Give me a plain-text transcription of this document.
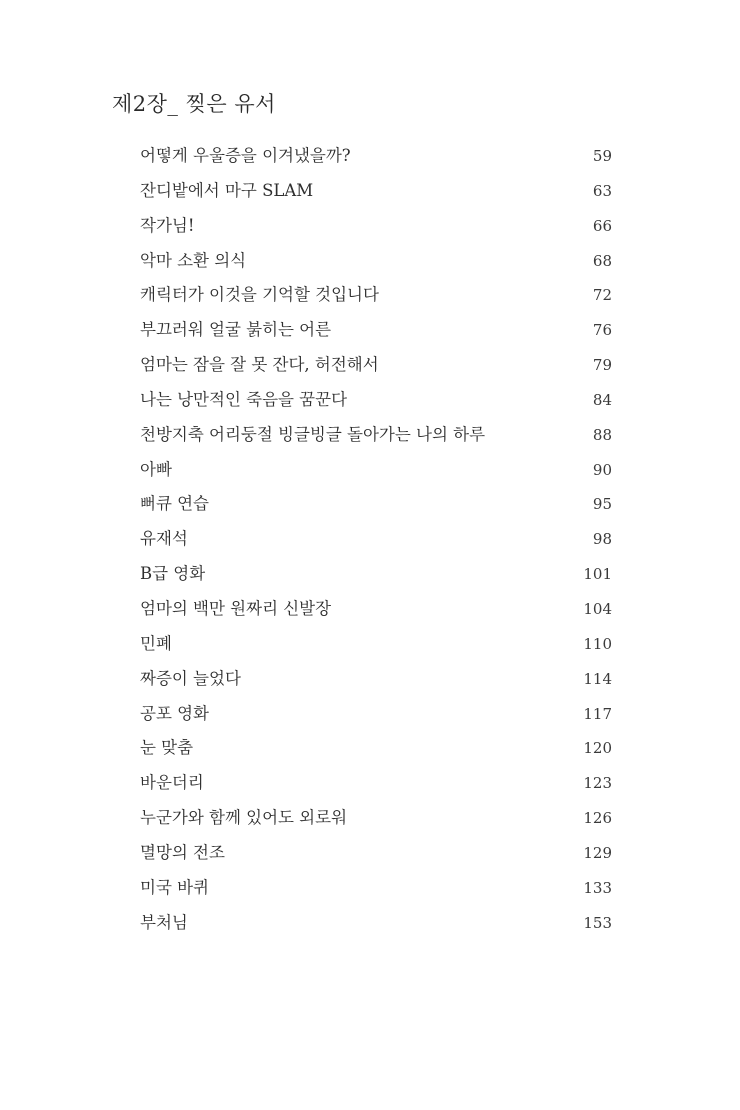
제2장_ 찢은 유서
어떻게 우울증을 이겨냈을까?	59
잔디밭에서 마구 SLAM	63
작가님!	66
악마 소환 의식	68
캐릭터가 이것을 기억할 것입니다	72
부끄러워 얼굴 붉히는 어른	76
엄마는 잠을 잘 못 잔다, 허전해서	79
나는 낭만적인 죽음을 꿈꾼다	84
천방지축 어리둥절 빙글빙글 돌아가는 나의 하루	88
아빠	90
뻐큐 연습	95
유재석	98
B급 영화	101
엄마의 백만 원짜리 신발장	104
민폐	110
짜증이 늘었다	114
공포 영화	117
눈 맞춤	120
바운더리	123
누군가와 함께 있어도 외로워	126
멸망의 전조	129
미국 바퀴	133
부처님	153
